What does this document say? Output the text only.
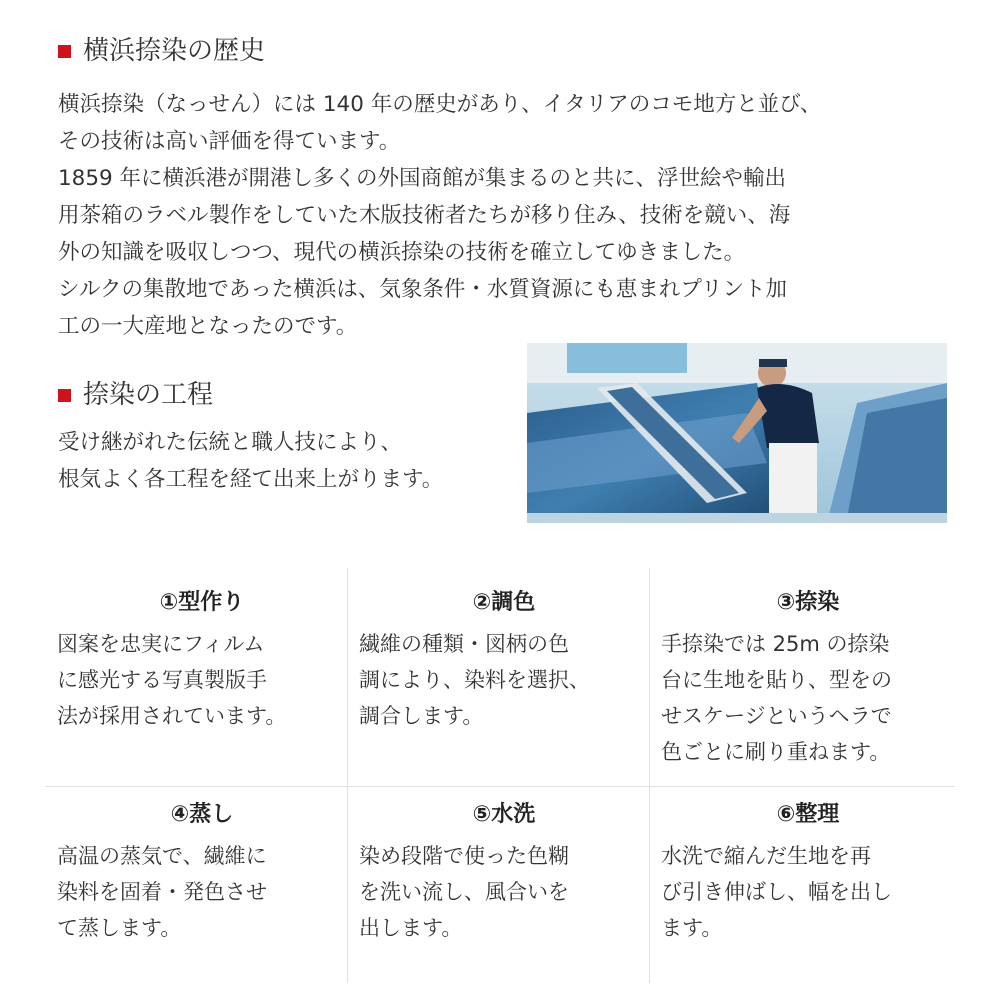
横浜捺染の歴史

横浜捺染（なっせん）には 140 年の歴史があり、イタリアのコモ地方と並び、
その技術は高い評価を得ています。
1859 年に横浜港が開港し多くの外国商館が集まるのと共に、浮世絵や輸出
用茶箱のラベル製作をしていた木版技術者たちが移り住み、技術を競い、海
外の知識を吸収しつつ、現代の横浜捺染の技術を確立してゆきました。
シルクの集散地であった横浜は、気象条件・水質資源にも恵まれプリント加
工の一大産地となったのです。

捺染の工程

受け継がれた伝統と職人技により、
根気よく各工程を経て出来上がります。

①型作り
図案を忠実にフィルム
に感光する写真製版手
法が採用されています。
②調色
繊維の種類・図柄の色
調により、染料を選択、
調合します。
③捺染
手捺染では 25m の捺染
台に生地を貼り、型をの
せスケージというヘラで
色ごとに刷り重ねます。
④蒸し
高温の蒸気で、繊維に
染料を固着・発色させ
て蒸します。
⑤水洗
染め段階で使った色糊
を洗い流し、風合いを
出します。
⑥整理
水洗で縮んだ生地を再
び引き伸ばし、幅を出し
ます。
